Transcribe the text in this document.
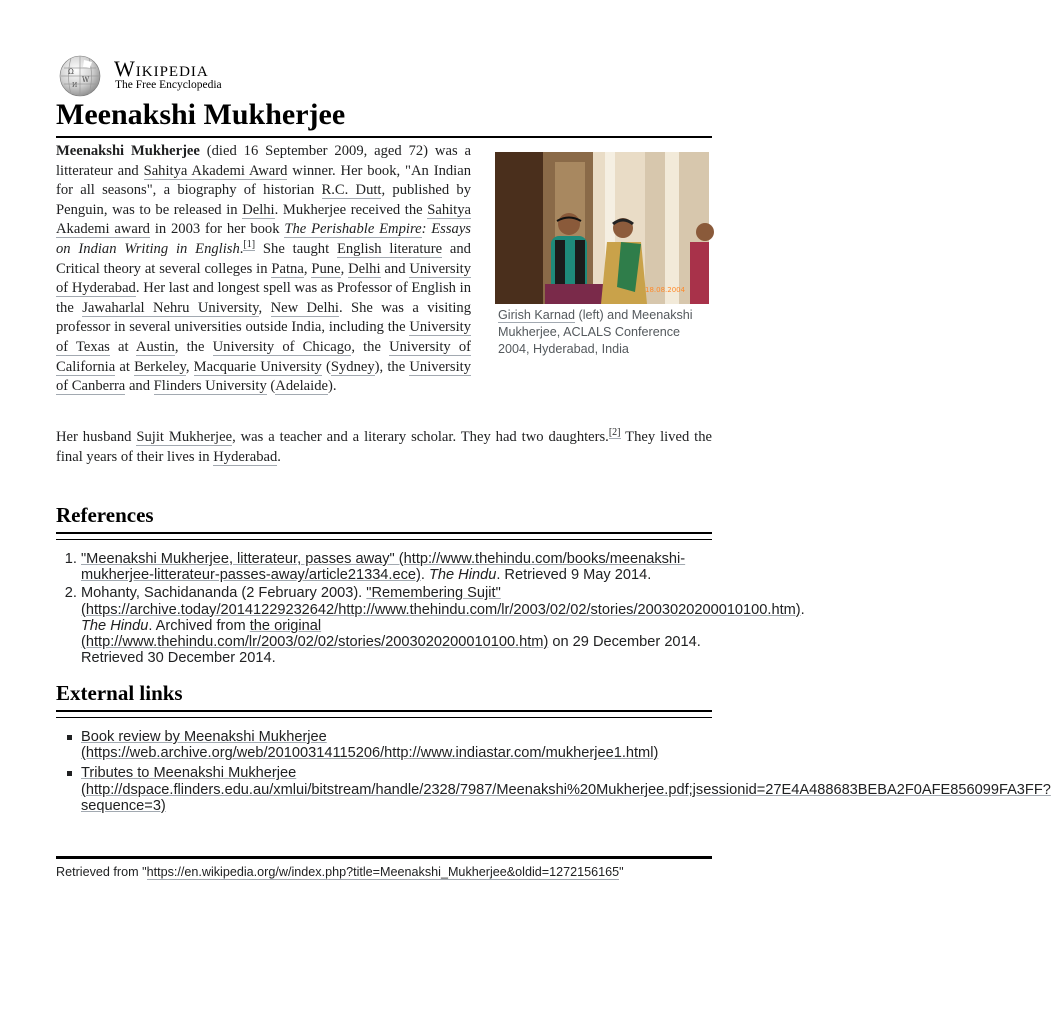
Ω
W
И
Wikipedia
The Free Encyclopedia
Meenakshi Mukherjee
18.08.2004
Girish Karnad (left) and Meenakshi Mukherjee, ACLALS Conference 2004, Hyderabad, India

Meenakshi Mukherjee (died 16 September 2009, aged 72) was a litterateur and Sahitya Akademi Award winner. Her book, "An Indian for all seasons", a biography of historian R.C. Dutt, published by Penguin, was to be released in Delhi. Mukherjee received the Sahitya Akademi award in 2003 for her book The Perishable Empire: Essays on Indian Writing in English.[1] She taught English literature and Critical theory at several colleges in Patna, Pune, Delhi and University of Hyderabad. Her last and longest spell was as Professor of English in the Jawaharlal Nehru University, New Delhi. She was a visiting professor in several universities outside India, including the University of Texas at Austin, the University of Chicago, the University of California at Berkeley, Macquarie University (Sydney), the University of Canberra and Flinders University (Adelaide).

Her husband Sujit Mukherjee, was a teacher and a literary scholar. They had two daughters.[2] They lived the final years of their lives in Hyderabad.

References
1. "Meenakshi Mukherjee, litterateur, passes away" (http://www.thehindu.com/books/meenakshi-mukherjee-litterateur-passes-away/article21334.ece). The Hindu. Retrieved 9 May 2014.
2. Mohanty, Sachidananda (2 February 2003). "Remembering Sujit" (https://archive.today/20141229232642/http://www.thehindu.com/lr/2003/02/02/stories/2003020200010100.htm). The Hindu. Archived from the original (http://www.thehindu.com/lr/2003/02/02/stories/2003020200010100.htm) on 29 December 2014. Retrieved 30 December 2014.
External links
Book review by Meenakshi Mukherjee (https://web.archive.org/web/20100314115206/http://www.indiastar.com/mukherjee1.html)
Tributes to Meenakshi Mukherjee (http://dspace.flinders.edu.au/xmlui/bitstream/handle/2328/7987/Meenakshi%20Mukherjee.pdf;jsessionid=27E4A488683BEBA2F0AFE856099FA3FF?sequence=3)
Retrieved from "https://en.wikipedia.org/w/index.php?title=Meenakshi_Mukherjee&oldid=1272156165"
